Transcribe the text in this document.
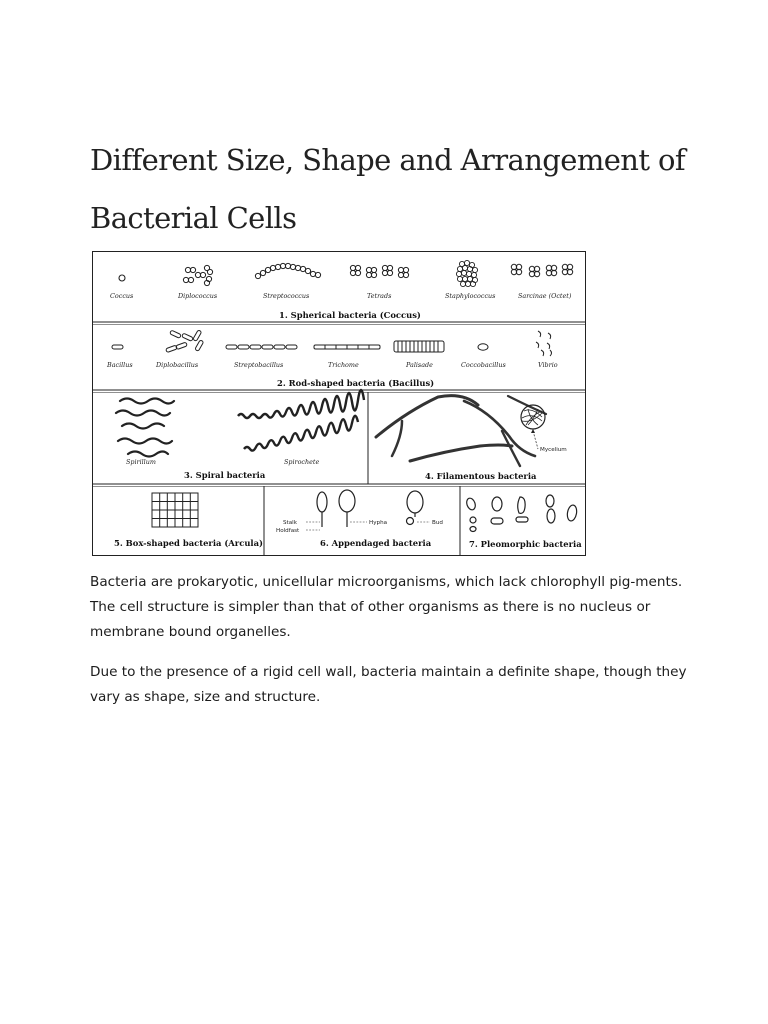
Different Size, Shape and Arrangement of
Bacterial Cells
Coccus	Diplococcus	Streptococcus	Tetrads	Staphylococcus	Sarcinae (Octet)
1. Spherical bacteria (Coccus)
Bacillus	Diplobacillus	Streptobacillus	Trichome	Palisade	Coccobacillus	Vibrio
2. Rod-shaped bacteria (Bacillus)
Spirillum	Spirochete
3. Spiral bacteria
Mycelium
4. Filamentous bacteria
5. Box-shaped bacteria (Arcula)
Stalk
Holdfast
Hypha	Bud
6. Appendaged bacteria	7. Pleomorphic bacteria

Bacteria are prokaryotic, unicellular microorganisms, which lack chlorophyll pig-ments. The cell structure is simpler than that of other organisms as there is no nucleus or membrane bound organelles.

Due to the presence of a rigid cell wall, bacteria maintain a definite shape, though they vary as shape, size and structure.
